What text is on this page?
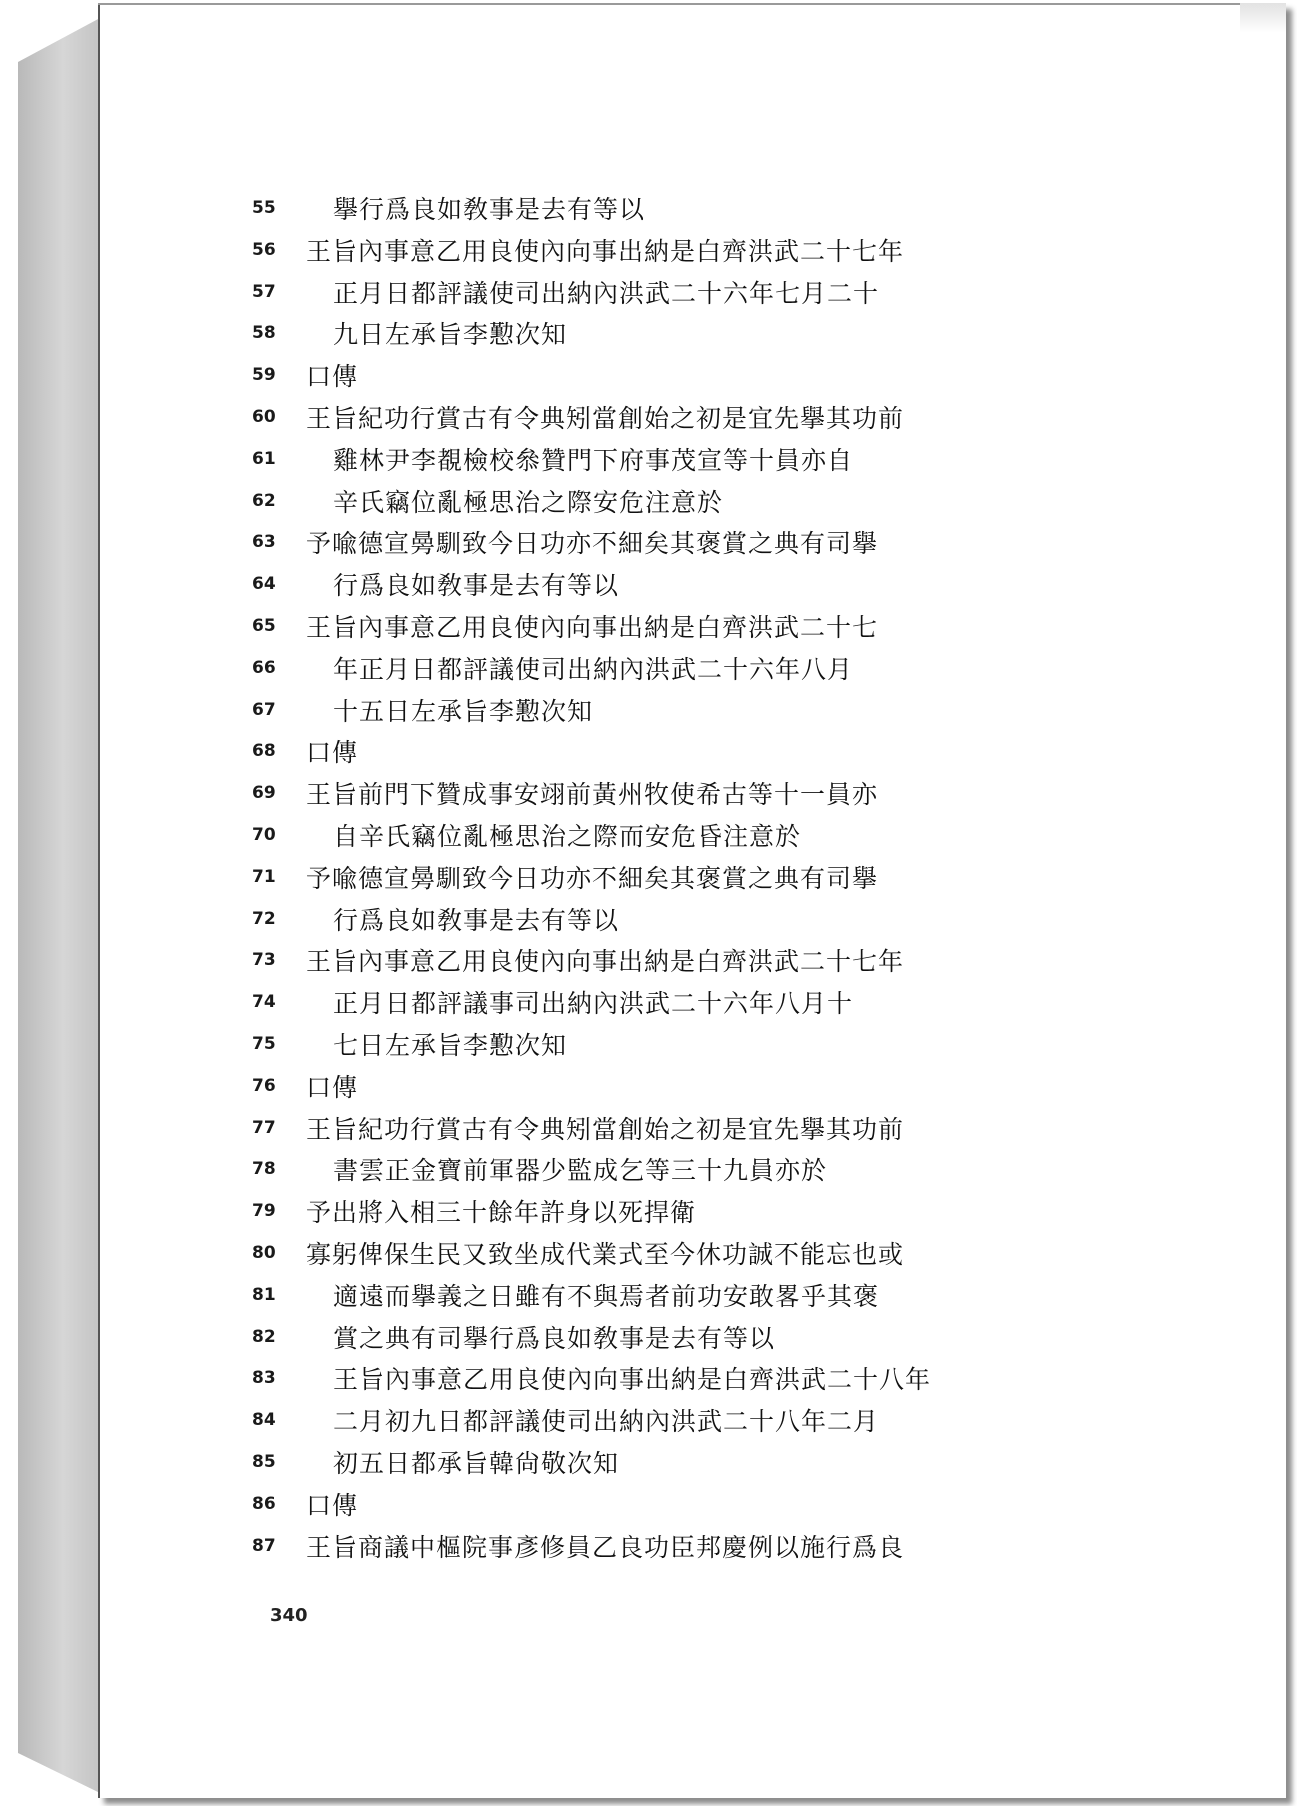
55	擧行爲良如敎事是去有等以
56	王旨內事意乙用良使內向事出納是白齊洪武二十七年
57	正月日都評議使司出納內洪武二十六年七月二十
58	九日左承旨李懃次知
59	口傳
60	王旨紀功行賞古有令典矧當創始之初是宜先擧其功前
61	雞林尹李覩檢校叅贊門下府事茂宣等十員亦自
62	辛氏竊位亂極思治之際安危注意於
63	予喩德宣㬅馴致今日功亦不細矣其褒賞之典有司擧
64	行爲良如敎事是去有等以
65	王旨內事意乙用良使內向事出納是白齊洪武二十七
66	年正月日都評議使司出納內洪武二十六年八月
67	十五日左承旨李懃次知
68	口傳
69	王旨前門下贊成事安翊前黃州牧使希古等十一員亦
70	自辛氏竊位亂極思治之際而安危昏注意於
71	予喩德宣㬅馴致今日功亦不細矣其褒賞之典有司擧
72	行爲良如敎事是去有等以
73	王旨內事意乙用良使內向事出納是白齊洪武二十七年
74	正月日都評議事司出納內洪武二十六年八月十
75	七日左承旨李懃次知
76	口傳
77	王旨紀功行賞古有令典矧當創始之初是宜先擧其功前
78	書雲正金寶前軍器少監成乞等三十九員亦於
79	予出將入相三十餘年許身以死捍衛
80	寡躬俾保生民又致坐成代業式至今休功誠不能忘也或
81	適遠而擧義之日雖有不與焉者前功安敢畧乎其褒
82	賞之典有司擧行爲良如敎事是去有等以
83	王旨內事意乙用良使內向事出納是白齊洪武二十八年
84	二月初九日都評議使司出納內洪武二十八年二月
85	初五日都承旨韓尙敬次知
86	口傳
87	王旨商議中樞院事彥修員乙良功臣邦慶例以施行爲良
340
